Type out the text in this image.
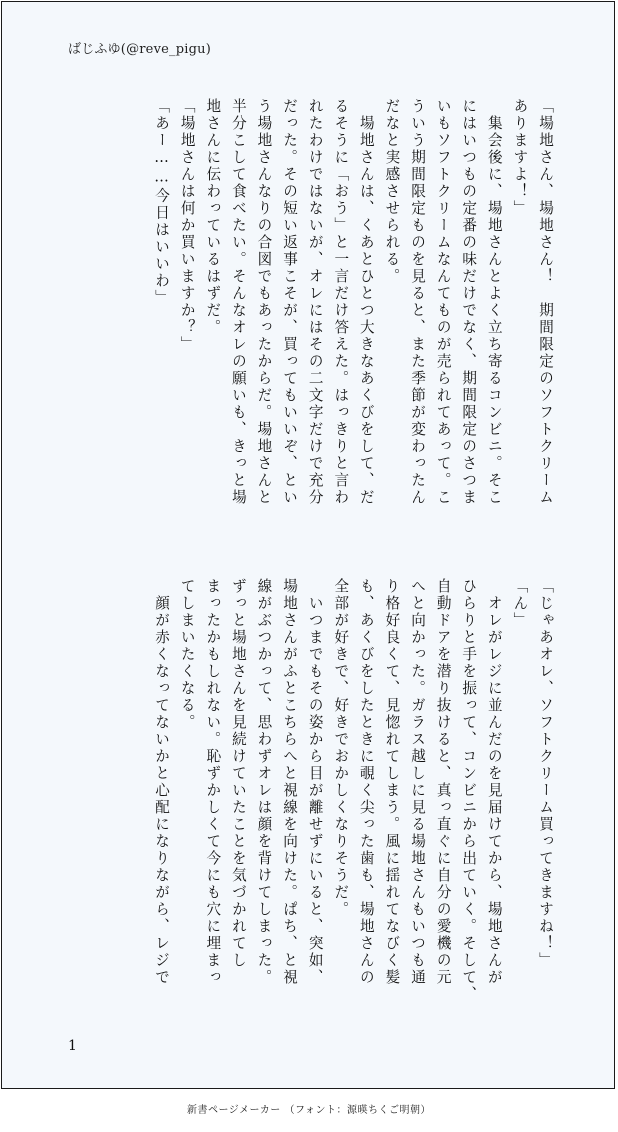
ばじふゆ(@reve_pigu)
「場地さん、場地さん！　期間限定のソフトクリーム
ありますよ！」
　集会後に、場地さんとよく立ち寄るコンビニ。そこ
にはいつもの定番の味だけでなく、期間限定のさつま
いもソフトクリームなんてものが売られてあって。こ
ういう期間限定ものを見ると、また季節が変わったん
だなと実感させられる。
　場地さんは、くあとひとつ大きなあくびをして、だ
るそうに「おう」と一言だけ答えた。はっきりと言わ
れたわけではないが、オレにはその二文字だけで充分
だった。その短い返事こそが、買ってもいいぞ、とい
う場地さんなりの合図でもあったからだ。場地さんと
半分こして食べたい。そんなオレの願いも、きっと場
地さんに伝わっているはずだ。
「場地さんは何か買いますか？」
「あー……今日はいいわ」
「じゃあオレ、ソフトクリーム買ってきますね！」
「ん」
　オレがレジに並んだのを見届けてから、場地さんが
ひらりと手を振って、コンビニから出ていく。そして、
自動ドアを潜り抜けると、真っ直ぐに自分の愛機の元
へと向かった。ガラス越しに見る場地さんもいつも通
り格好良くて、見惚れてしまう。風に揺れてなびく髪
も、あくびをしたときに覗く尖った歯も、場地さんの
全部が好きで、好きでおかしくなりそうだ。
　いつまでもその姿から目が離せずにいると、突如、
場地さんがふとこちらへと視線を向けた。ぱち、と視
線がぶつかって、思わずオレは顔を背けてしまった。
ずっと場地さんを見続けていたことを気づかれてし
まったかもしれない。恥ずかしくて今にも穴に埋まっ
てしまいたくなる。
　顔が赤くなってないかと心配になりながら、レジで
1
新書ページメーカー （フォント：源暎ちくご明朝）
